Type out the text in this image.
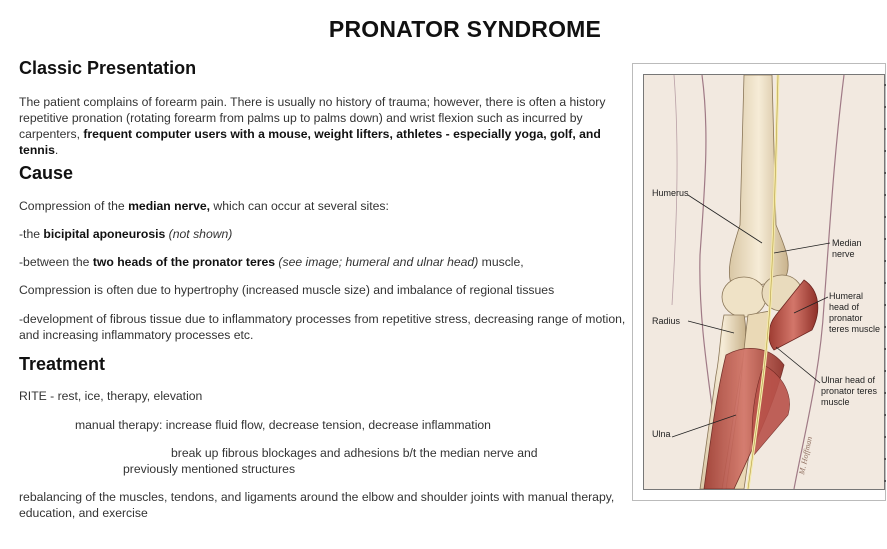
PRONATOR SYNDROME
Classic Presentation

The patient complains of forearm pain. There is usually no history of trauma; however, there is often a history repetitive pronation (rotating forearm from palms up to palms down) and wrist flexion such as incurred by carpenters, frequent computer users with a mouse, weight lifters, athletes - especially yoga, golf, and tennis.

Cause

Compression of the median nerve, which can occur at several sites:

-the bicipital aponeurosis (not shown)

-between the two heads of the pronator teres (see image; humeral and ulnar head) muscle,

Compression is often due to hypertrophy (increased muscle size) and imbalance of regional tissues

-development of fibrous tissue due to inflammatory processes from repetitive stress, decreasing range of motion, and increasing inflammatory processes etc.

Treatment

RITE - rest, ice, therapy, elevation

manual therapy: increase fluid flow, decrease tension, decrease inflammation

break up fibrous blockages and adhesions b/t the median nerve and previously mentioned structures

rebalancing of the muscles, tendons, and ligaments around the elbow and shoulder joints with manual therapy, education, and exercise

M. Hoffman
Humerus
Median
nerve
Humeral
head of
pronator
teres muscle
Radius
Ulnar head of
pronator teres
muscle
Ulna
